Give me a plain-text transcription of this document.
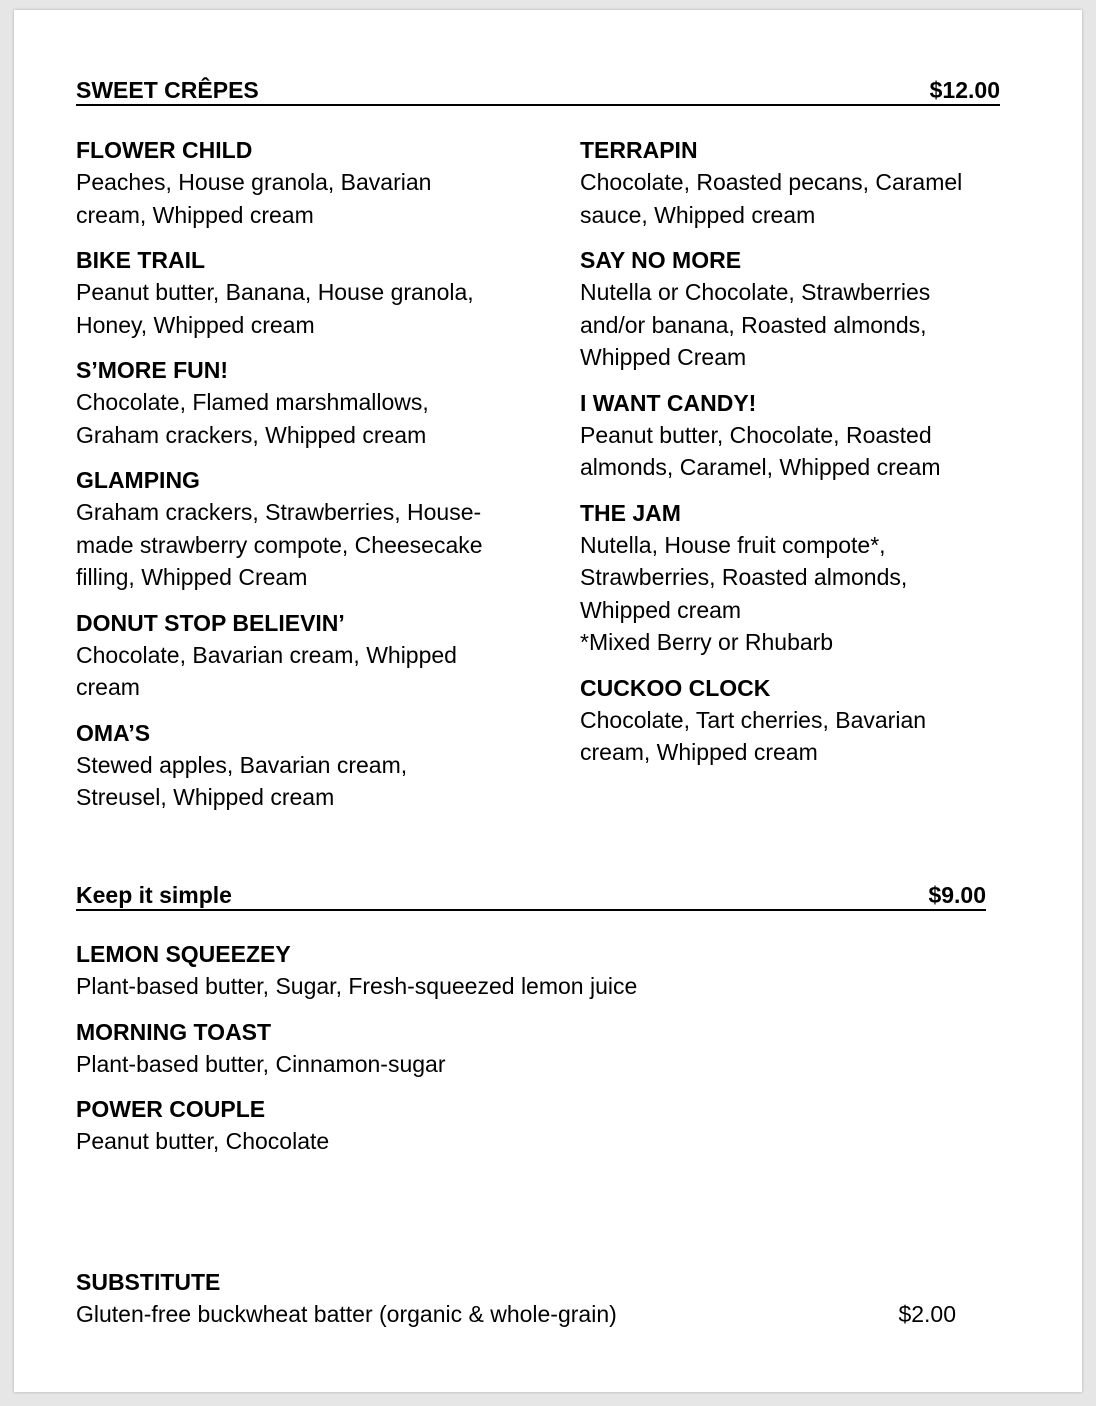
SWEET CRÊPES	$12.00

FLOWER CHILD

Peaches, House granola, Bavarian cream, Whipped cream

BIKE TRAIL

Peanut butter, Banana, House granola, Honey, Whipped cream

S’MORE FUN!

Chocolate, Flamed marshmallows, Graham crackers, Whipped cream

GLAMPING

Graham crackers, Strawberries, House-made strawberry compote, Cheesecake filling, Whipped Cream

DONUT STOP BELIEVIN’

Chocolate, Bavarian cream, Whipped cream

OMA’S

Stewed apples, Bavarian cream, Streusel, Whipped cream

TERRAPIN

Chocolate, Roasted pecans, Caramel sauce, Whipped cream

SAY NO MORE

Nutella or Chocolate, Strawberries and/or banana, Roasted almonds, Whipped Cream

I WANT CANDY!

Peanut butter, Chocolate, Roasted almonds, Caramel, Whipped cream

THE JAM

Nutella, House fruit compote*, Strawberries, Roasted almonds, Whipped cream

*Mixed Berry or Rhubarb

CUCKOO CLOCK

Chocolate, Tart cherries, Bavarian cream, Whipped cream

Keep it simple	$9.00

LEMON SQUEEZEY

Plant-based butter, Sugar, Fresh-squeezed lemon juice

MORNING TOAST

Plant-based butter, Cinnamon-sugar

POWER COUPLE

Peanut butter, Chocolate

SUBSTITUTE

Gluten-free buckwheat batter (organic & whole-grain)	$2.00
